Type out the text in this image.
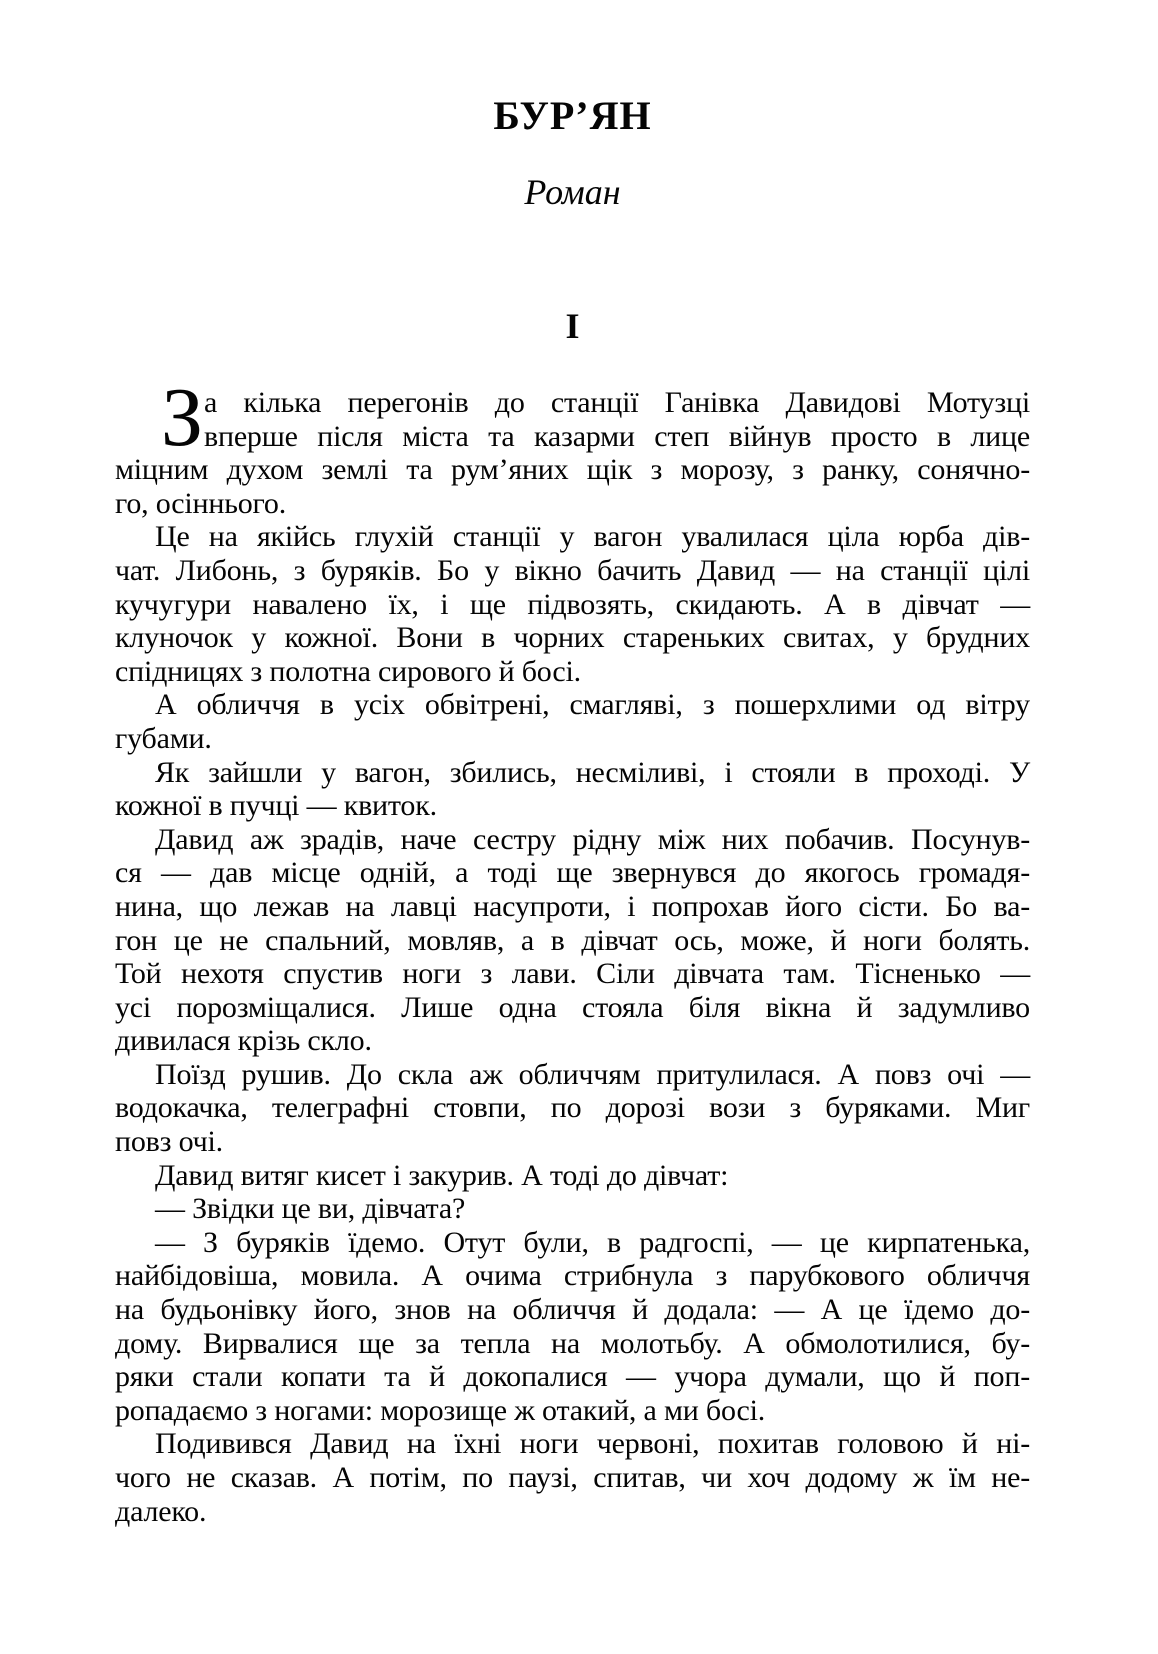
БУР’ЯН
Роман
I
З а кілька перегонів до станції Ганівка Давидові Мотузці
вперше після міста та казарми степ війнув просто в лице
міцним духом землі та рум’яних щік з морозу, з ранку, сонячно-
го, осіннього.
Це на якійсь глухій станції у вагон увалилася ціла юрба дів-
чат. Либонь, з буряків. Бо у вікно бачить Давид — на станції цілі
кучугури навалено їх, і ще підвозять, скидають. А в дівчат —
клуночок у кожної. Вони в чорних стареньких свитах, у брудних
спідницях з полотна сирового й босі.
А обличчя в усіх обвітрені, смагляві, з пошерхлими од вітру
губами.
Як зайшли у вагон, збились, несміливі, і стояли в проході. У
кожної в пучці — квиток.
Давид аж зрадів, наче сестру рідну між них побачив. Посунув-
ся — дав місце одній, а тоді ще звернувся до якогось громадя-
нина, що лежав на лавці насупроти, і попрохав його сісти. Бо ва-
гон це не спальний, мовляв, а в дівчат ось, може, й ноги болять.
Той нехотя спустив ноги з лави. Сіли дівчата там. Тісненько —
усі порозміщалися. Лише одна стояла біля вікна й задумливо
дивилася крізь скло.
Поїзд рушив. До скла аж обличчям притулилася. А повз очі —
водокачка, телеграфні стовпи, по дорозі вози з буряками. Миг
повз очі.
Давид витяг кисет і закурив. А тоді до дівчат:
— Звідки це ви, дівчата?
— З буряків їдемо. Отут були, в радгоспі, — це кирпатенька,
найбідовіша, мовила. А очима стрибнула з парубкового обличчя
на будьонівку його, знов на обличчя й додала: — А це їдемо до-
дому. Вирвалися ще за тепла на молотьбу. А обмолотилися, бу-
ряки стали копати та й докопалися — учора думали, що й поп-
ропадаємо з ногами: морозище ж отакий, а ми босі.
Подивився Давид на їхні ноги червоні, похитав головою й ні-
чого не сказав. А потім, по паузі, спитав, чи хоч додому ж їм не-
далеко.
